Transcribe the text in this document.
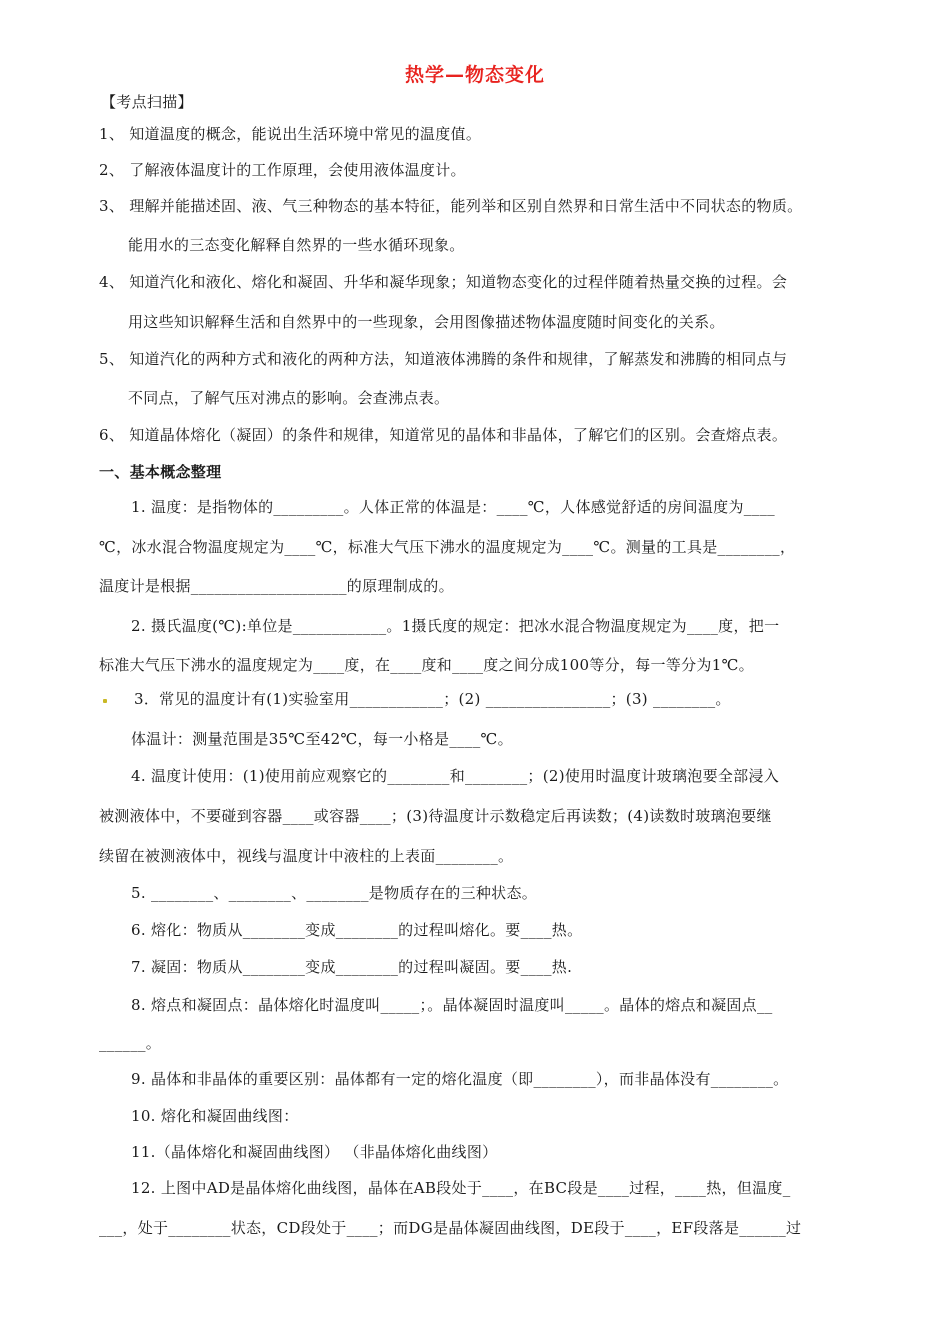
热学—物态变化
【考点扫描】
1、 知道温度的概念，能说出生活环境中常见的温度值。
2、 了解液体温度计的工作原理，会使用液体温度计。
3、 理解并能描述固、液、气三种物态的基本特征，能列举和区别自然界和日常生活中不同状态的物质。
能用水的三态变化解释自然界的一些水循环现象。
4、 知道汽化和液化、熔化和凝固、升华和凝华现象；知道物态变化的过程伴随着热量交换的过程。会
用这些知识解释生活和自然界中的一些现象，会用图像描述物体温度随时间变化的关系。
5、 知道汽化的两种方式和液化的两种方法，知道液体沸腾的条件和规律，了解蒸发和沸腾的相同点与
不同点，了解气压对沸点的影响。会查沸点表。
6、 知道晶体熔化（凝固）的条件和规律，知道常见的晶体和非晶体，了解它们的区别。会查熔点表。
一、基本概念整理
1. 温度：是指物体的_________。人体正常的体温是：____℃，人体感觉舒适的房间温度为____
℃，冰水混合物温度规定为____℃，标准大气压下沸水的温度规定为____℃。测量的工具是________，
温度计是根据____________________的原理制成的。
2. 摄氏温度(℃):单位是____________。1摄氏度的规定：把冰水混合物温度规定为____度，把一
标准大气压下沸水的温度规定为____度，在____度和____度之间分成100等分，每一等分为1℃。
3．常见的温度计有(1)实验室用____________；(2) ________________；(3) ________。
体温计：测量范围是35℃至42℃，每一小格是____℃。
4. 温度计使用：(1)使用前应观察它的________和________；(2)使用时温度计玻璃泡要全部浸入
被测液体中，不要碰到容器____或容器____；(3)待温度计示数稳定后再读数；(4)读数时玻璃泡要继
续留在被测液体中，视线与温度计中液柱的上表面________。
5. ________、________、________是物质存在的三种状态。
6. 熔化：物质从________变成________的过程叫熔化。要____热。
7. 凝固：物质从________变成________的过程叫凝固。要____热.
8. 熔点和凝固点：晶体熔化时温度叫_____；。晶体凝固时温度叫_____。晶体的熔点和凝固点__
______。
9. 晶体和非晶体的重要区别：晶体都有一定的熔化温度（即________），而非晶体没有________。
10. 熔化和凝固曲线图：
11.（晶体熔化和凝固曲线图） （非晶体熔化曲线图）
12. 上图中AD是晶体熔化曲线图，晶体在AB段处于____，在BC段是____过程，____热，但温度_
___，处于________状态，CD段处于____；而DG是晶体凝固曲线图，DE段于____，EF段落是______过
